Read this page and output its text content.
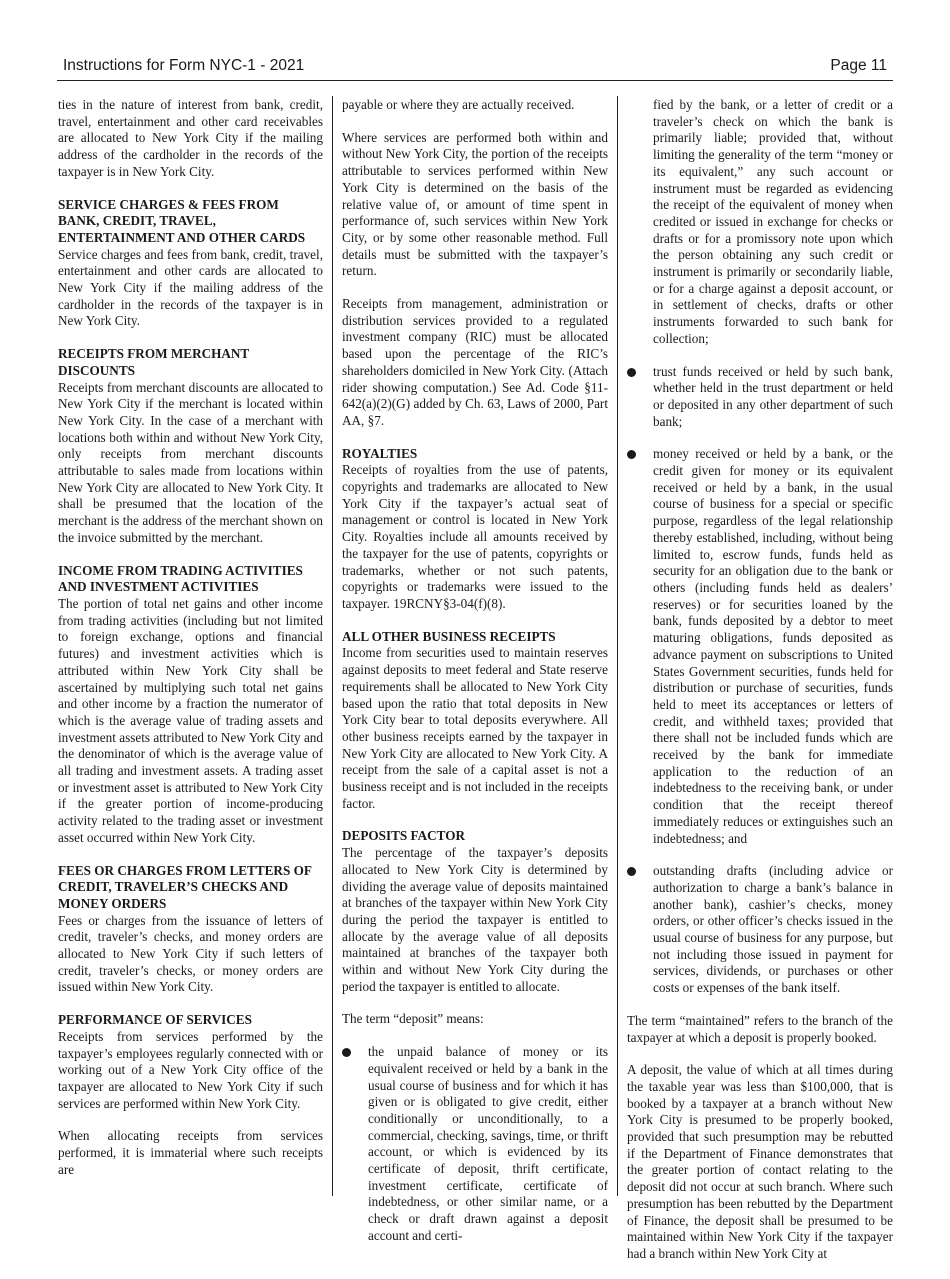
Instructions for Form NYC-1 - 2021	Page 11

ties in the nature of interest from bank, credit, travel, entertainment and other card receivables are allocated to New York City if the mailing address of the cardholder in the records of the taxpayer is in New York City.

SERVICE CHARGES & FEES FROM BANK, CREDIT, TRAVEL, ENTERTAINMENT AND OTHER CARDS

Service charges and fees from bank, credit, travel, entertainment and other cards are allocated to New York City if the mailing address of the cardholder in the records of the taxpayer is in New York City.

RECEIPTS FROM MERCHANT DISCOUNTS

Receipts from merchant discounts are allocated to New York City if the merchant is located within New York City. In the case of a merchant with locations both within and without New York City, only receipts from merchant discounts attributable to sales made from locations within New York City are allocated to New York City. It shall be presumed that the location of the merchant is the address of the merchant shown on the invoice submitted by the merchant.

INCOME FROM TRADING ACTIVITIES AND INVESTMENT ACTIVITIES

The portion of total net gains and other income from trading activities (including but not limited to foreign exchange, options and financial futures) and investment activities which is attributed within New York City shall be ascertained by multiplying such total net gains and other income by a fraction the numerator of which is the average value of trading assets and investment assets attributed to New York City and the denominator of which is the average value of all trading and investment assets. A trading asset or investment asset is attributed to New York City if the greater portion of income-producing activity related to the trading asset or investment asset occurred within New York City.

FEES OR CHARGES FROM LETTERS OF CREDIT, TRAVELER’S CHECKS AND MONEY ORDERS

Fees or charges from the issuance of letters of credit, traveler’s checks, and money orders are allocated to New York City if such letters of credit, traveler’s checks, or money orders are issued within New York City.

PERFORMANCE OF SERVICES

Receipts from services performed by the taxpayer’s employees regularly connected with or working out of a New York City office of the taxpayer are allocated to New York City if such services are performed within New York City.

When allocating receipts from services performed, it is immaterial where such receipts are

payable or where they are actually received.

Where services are performed both within and without New York City, the portion of the receipts attributable to services performed within New York City is determined on the basis of the relative value of, or amount of time spent in performance of, such services within New York City, or by some other reasonable method. Full details must be submitted with the taxpayer’s return.

Receipts from management, administration or distribution services provided to a regulated investment company (RIC) must be allocated based upon the percentage of the RIC’s shareholders domiciled in New York City. (Attach rider showing computation.) See Ad. Code §11-642(a)(2)(G) added by Ch. 63, Laws of 2000, Part AA, §7.

ROYALTIES

Receipts of royalties from the use of patents, copyrights and trademarks are allocated to New York City if the taxpayer’s actual seat of management or control is located in New York City. Royalties include all amounts received by the taxpayer for the use of patents, copyrights or trademarks, whether or not such patents, copyrights or trademarks were issued to the taxpayer. 19RCNY§3-04(f)(8).

ALL OTHER BUSINESS RECEIPTS

Income from securities used to maintain reserves against deposits to meet federal and State reserve requirements shall be allocated to New York City based upon the ratio that total deposits in New York City bear to total deposits everywhere. All other business receipts earned by the taxpayer in New York City are allocated to New York City. A receipt from the sale of a capital asset is not a business receipt and is not included in the receipts factor.

DEPOSITS FACTOR

The percentage of the taxpayer’s deposits allocated to New York City is determined by dividing the average value of deposits maintained at branches of the taxpayer within New York City during the period the taxpayer is entitled to allocate by the average value of all deposits maintained at branches of the taxpayer both within and without New York City during the period the taxpayer is entitled to allocate.

The term “deposit” means:

the unpaid balance of money or its equivalent received or held by a bank in the usual course of business and for which it has given or is obligated to give credit, either conditionally or unconditionally, to a commercial, checking, savings, time, or thrift account, or which is evidenced by its certificate of deposit, thrift certificate, investment certificate, certificate of indebtedness, or other similar name, or a check or draft drawn against a deposit account and certi-
fied by the bank, or a letter of credit or a traveler’s check on which the bank is primarily liable; provided that, without limiting the generality of the term “money or its equivalent,” any such account or instrument must be regarded as evidencing the receipt of the equivalent of money when credited or issued in exchange for checks or drafts or for a promissory note upon which the person obtaining any such credit or instrument is primarily or secondarily liable, or for a charge against a deposit account, or in settlement of checks, drafts or other instruments forwarded to such bank for collection;
trust funds received or held by such bank, whether held in the trust department or held or deposited in any other department of such bank;
money received or held by a bank, or the credit given for money or its equivalent received or held by a bank, in the usual course of business for a special or specific purpose, regardless of the legal relationship thereby established, including, without being limited to, escrow funds, funds held as security for an obligation due to the bank or others (including funds held as dealers’ reserves) or for securities loaned by the bank, funds deposited by a debtor to meet maturing obligations, funds deposited as advance payment on subscriptions to United States Government securities, funds held for distribution or purchase of securities, funds held to meet its acceptances or letters of credit, and withheld taxes; provided that there shall not be included funds which are received by the bank for immediate application to the reduction of an indebtedness to the receiving bank, or under condition that the receipt thereof immediately reduces or extinguishes such an indebtedness; and
outstanding drafts (including advice or authorization to charge a bank’s balance in another bank), cashier’s checks, money orders, or other officer’s checks issued in the usual course of business for any purpose, but not including those issued in payment for services, dividends, or purchases or other costs or expenses of the bank itself.

The term “maintained” refers to the branch of the taxpayer at which a deposit is properly booked.

A deposit, the value of which at all times during the taxable year was less than $100,000, that is booked by a taxpayer at a branch without New York City is presumed to be properly booked, provided that such presumption may be rebutted if the Department of Finance demonstrates that the greater portion of contact relating to the deposit did not occur at such branch. Where such presumption has been rebutted by the Department of Finance, the deposit shall be presumed to be maintained within New York City if the taxpayer had a branch within New York City at
